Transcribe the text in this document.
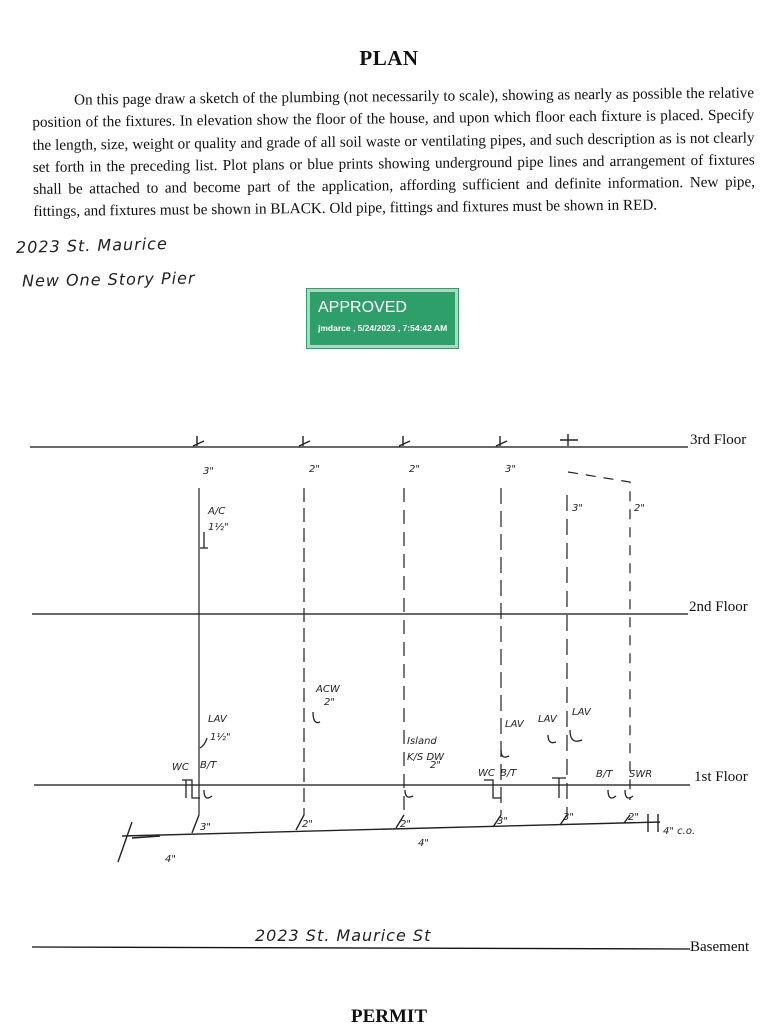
PLAN
On this page draw a sketch of the plumbing (not necessarily to scale), showing as nearly as possible the relative position of the fixtures. In elevation show the floor of the house, and upon which floor each fixture is placed. Specify the length, size, weight or quality and grade of all soil waste or ventilating pipes, and such description as is not clearly set forth in the preceding list. Plot plans or blue prints showing underground pipe lines and arrangement of fixtures shall be attached to and become part of the application, affording sufficient and definite information. New pipe, fittings, and fixtures must be shown in BLACK. Old pipe, fittings and fixtures must be shown in RED.
2023 St. Maurice
New One Story Pier
APPROVED
jmdarce , 5/24/2023 , 7:54:42 AM
3"	2"	2"	3"
3"	2"
A/C
1½"
ACW
2"
LAV
1½"
WC B/T
Island
K/S DW
2"
LAV
WC B/T
LAV
LAV
B/T SWR
3"	2"	2"	3"	3"	2"
4" c.o.
4"
4"
3rd Floor
2nd Floor
1st Floor
Basement
2023 St. Maurice St
PERMIT
